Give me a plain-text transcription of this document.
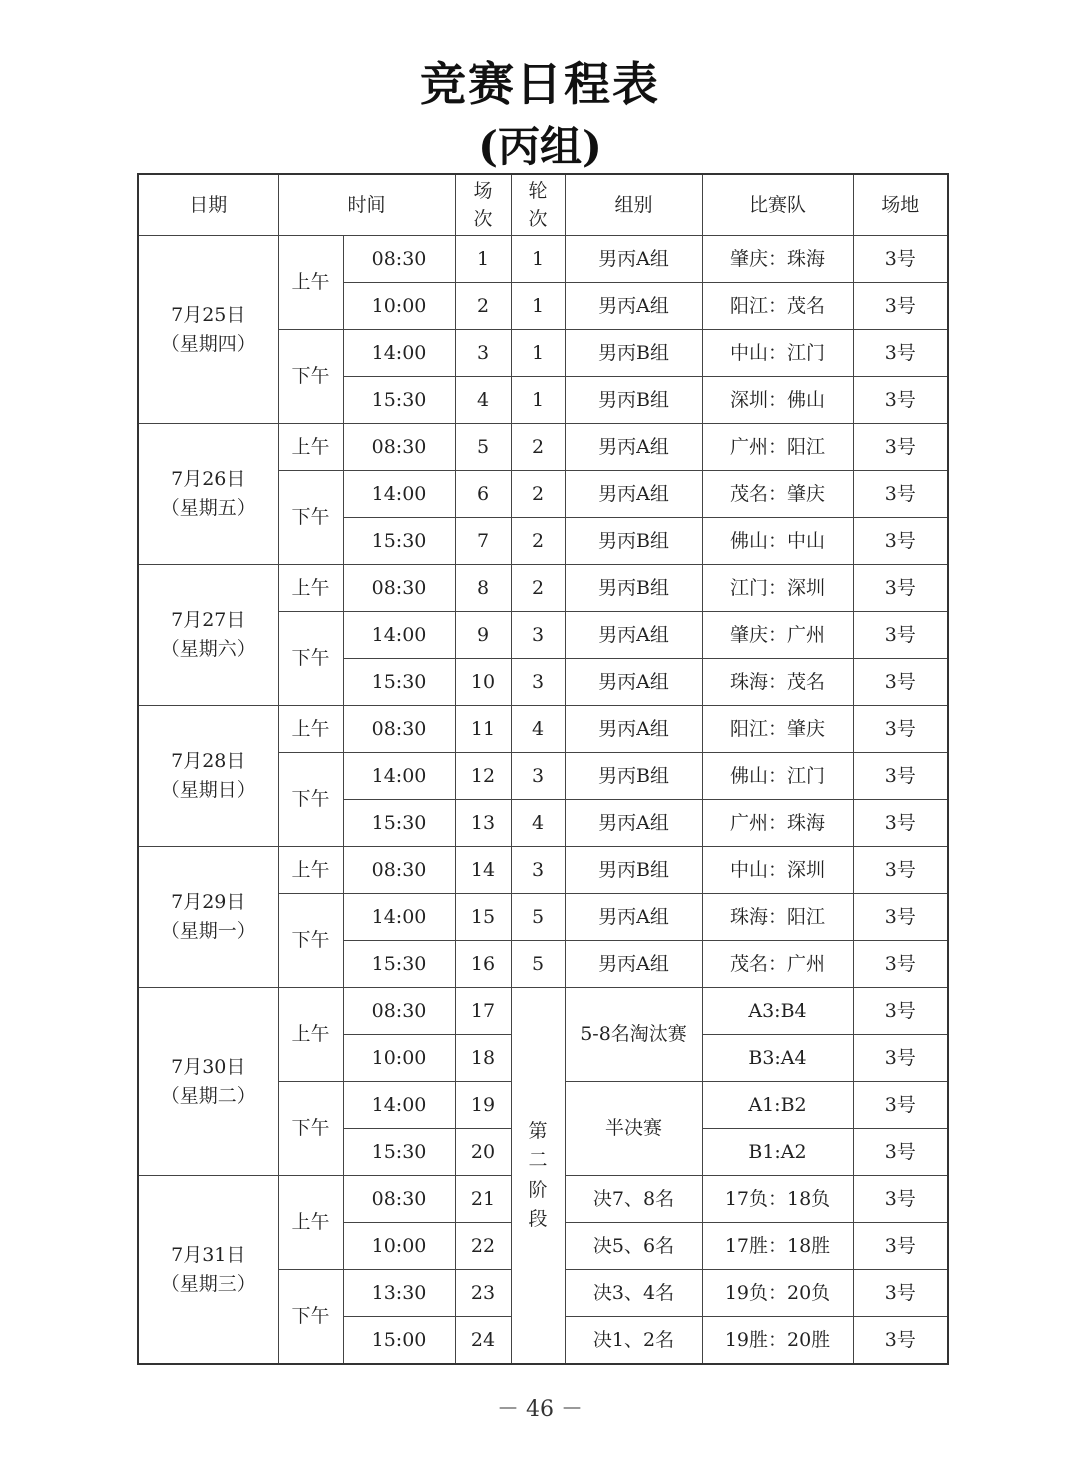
竞赛日程表
(丙组)
日期	时间		场次	轮次	组别	比赛队	场地

7月25日
（星期四）	上午	08:30	1	1	男丙A组	肇庆：珠海	3号
		10:00	2	1	男丙A组	阳江：茂名	3号
	下午	14:00	3	1	男丙B组	中山：江门	3号
		15:30	4	1	男丙B组	深圳：佛山	3号

7月26日
（星期五）	上午	08:30	5	2	男丙A组	广州：阳江	3号
	下午	14:00	6	2	男丙A组	茂名：肇庆	3号
		15:30	7	2	男丙B组	佛山：中山	3号

7月27日
（星期六）	上午	08:30	8	2	男丙B组	江门：深圳	3号
	下午	14:00	9	3	男丙A组	肇庆：广州	3号
		15:30	10	3	男丙A组	珠海：茂名	3号

7月28日
（星期日）	上午	08:30	11	4	男丙A组	阳江：肇庆	3号
	下午	14:00	12	3	男丙B组	佛山：江门	3号
		15:30	13	4	男丙A组	广州：珠海	3号

7月29日
（星期一）	上午	08:30	14	3	男丙B组	中山：深圳	3号
	下午	14:00	15	5	男丙A组	珠海：阳江	3号
		15:30	16	5	男丙A组	茂名：广州	3号

7月30日
（星期二）	上午	08:30	17	第二阶段	5-8名淘汰赛	A3:B4	3号
		10:00	18			B3:A4	3号
	下午	14:00	19		半决赛	A1:B2	3号
		15:30	20			B1:A2	3号

7月31日
（星期三）	上午	08:30	21		决7、8名	17负：18负	3号
		10:00	22		决5、6名	17胜：18胜	3号
	下午	13:30	23		决3、4名	19负：20负	3号
		15:00	24		决1、2名	19胜：20胜	3号
－ 46 －
